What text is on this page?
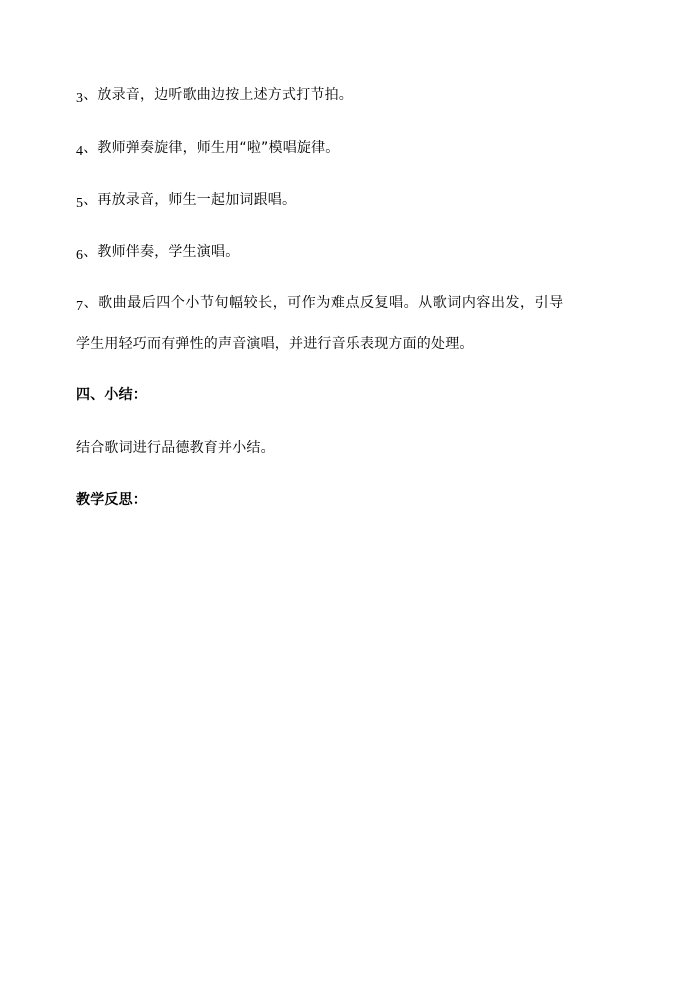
3、放录音，边听歌曲边按上述方式打节拍。
4、教师弹奏旋律，师生用“啦”模唱旋律。
5、再放录音，师生一起加词跟唱。
6、教师伴奏，学生演唱。
7、歌曲最后四个小节旬幅较长，可作为难点反复唱。从歌词内容出发，引导
学生用轻巧而有弹性的声音演唱，并进行音乐表现方面的处理。
四、小结：
结合歌词进行品德教育并小结。
教学反思：
